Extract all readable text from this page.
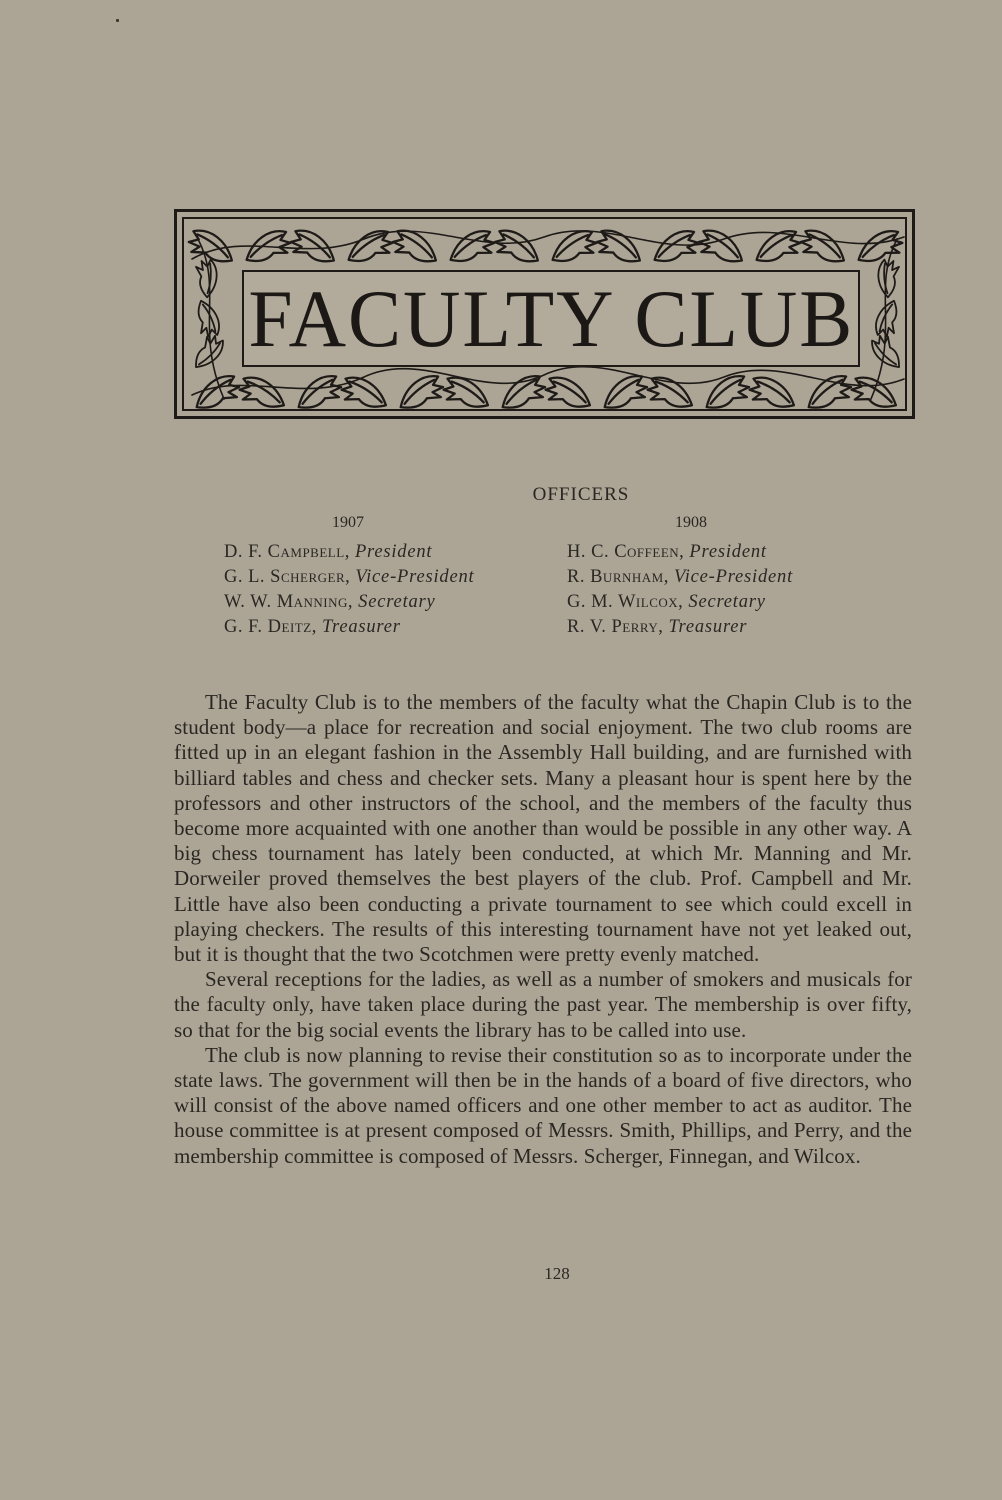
FACULTY CLUB
OFFICERS
1907
D. F. Campbell, President
G. L. Scherger, Vice-President
W. W. Manning, Secretary
G. F. Deitz, Treasurer
1908
H. C. Coffeen, President
R. Burnham, Vice-President
G. M. Wilcox, Secretary
R. V. Perry, Treasurer

The Faculty Club is to the members of the faculty what the Chapin Club is to the student body—a place for recreation and social enjoyment. The two club rooms are fitted up in an elegant fashion in the Assembly Hall building, and are furnished with billiard tables and chess and checker sets. Many a pleasant hour is spent here by the professors and other instructors of the school, and the members of the faculty thus become more acquainted with one another than would be possible in any other way. A big chess tournament has lately been conducted, at which Mr. Manning and Mr. Dorweiler proved themselves the best players of the club. Prof. Campbell and Mr. Little have also been conducting a private tournament to see which could excell in playing checkers. The results of this interesting tournament have not yet leaked out, but it is thought that the two Scotchmen were pretty evenly matched.

Several receptions for the ladies, as well as a number of smokers and musicals for the faculty only, have taken place during the past year. The membership is over fifty, so that for the big social events the library has to be called into use.

The club is now planning to revise their constitution so as to incorporate under the state laws. The government will then be in the hands of a board of five directors, who will consist of the above named officers and one other member to act as auditor. The house committee is at present composed of Messrs. Smith, Phillips, and Perry, and the membership committee is composed of Messrs. Scherger, Finnegan, and Wilcox.

128
